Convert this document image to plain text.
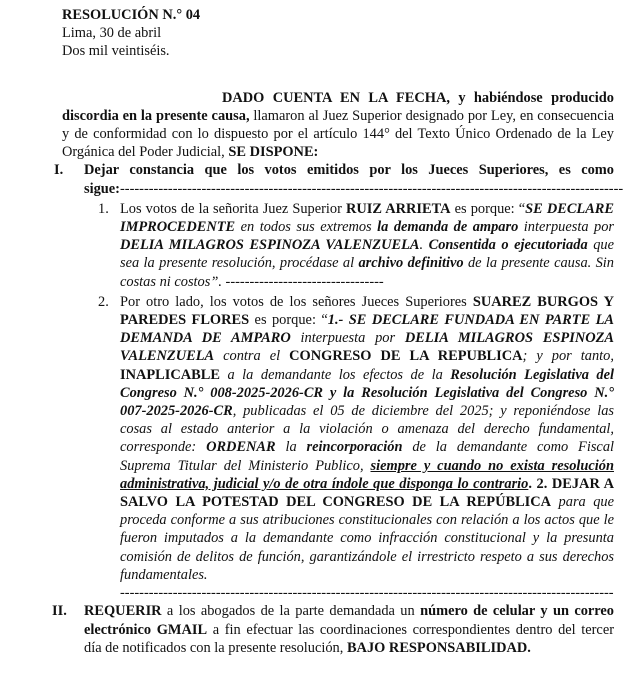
RESOLUCIÓN N.° 04
Lima, 30 de abril
Dos mil veintiséis.

DADO CUENTA EN LA FECHA, y habiéndose producido discordia en la presente causa, llamaron al Juez Superior designado por Ley, en consecuencia y de conformidad con lo dispuesto por el artículo 144° del Texto Único Ordenado de la Ley Orgánica del Poder Judicial, SE DISPONE:

I. Dejar constancia que los votos emitidos por los Jueces Superiores, es como sigue:---------------------------------------------------------------------------------------------------------
1. Los votos de la señorita Juez Superior RUIZ ARRIETA es porque: “SE DECLARE IMPROCEDENTE en todos sus extremos la demanda de amparo interpuesta por DELIA MILAGROS ESPINOZA VALENZUELA. Consentida o ejecutoriada que sea la presente resolución, procédase al archivo definitivo de la presente causa. Sin costas ni costos”. ---------------------------------
2. Por otro lado, los votos de los señores Jueces Superiores SUAREZ BURGOS Y PAREDES FLORES es porque: “1.- SE DECLARE FUNDADA EN PARTE LA DEMANDA DE AMPARO interpuesta por DELIA MILAGROS ESPINOZA VALENZUELA contra el CONGRESO DE LA REPUBLICA; y por tanto, INAPLICABLE a la demandante los efectos de la Resolución Legislativa del Congreso N.° 008-2025-2026-CR y la Resolución Legislativa del Congreso N.° 007-2025-2026-CR, publicadas el 05 de diciembre del 2025; y reponiéndose las cosas al estado anterior a la violación o amenaza del derecho fundamental, corresponde: ORDENAR la reincorporación de la demandante como Fiscal Suprema Titular del Ministerio Publico, siempre y cuando no exista resolución administrativa, judicial y/o de otra índole que disponga lo contrario. 2. DEJAR A SALVO LA POTESTAD DEL CONGRESO DE LA REPÚBLICA para que proceda conforme a sus atribuciones constitucionales con relación a los actos que le fueron imputados a la demandante como infracción constitucional y la presunta comisión de delitos de función, garantizándole el irrestricto respeto a sus derechos fundamentales.
-------------------------------------------------------------------------------------------------------
II. REQUERIR a los abogados de la parte demandada un número de celular y un correo electrónico GMAIL a fin efectuar las coordinaciones correspondientes dentro del tercer día de notificados con la presente resolución, BAJO RESPONSABILIDAD.
